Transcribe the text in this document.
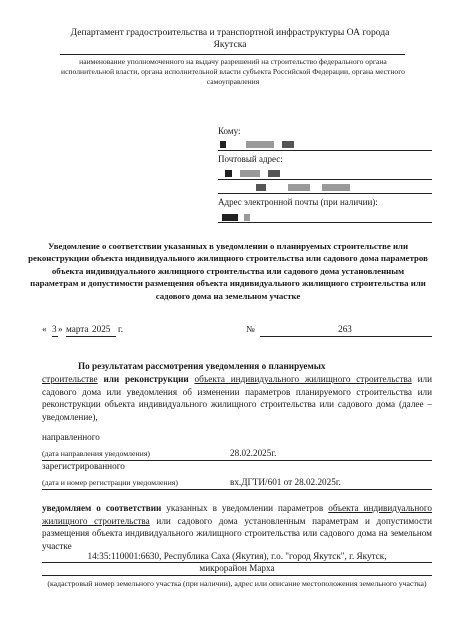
Департамент градостроительства и транспортной инфраструктуры ОА города Якутска
наименование уполномоченного на выдачу разрешений на строительство федерального органа исполнительной власти, органа исполнительной власти субъекта Российской Федерации, органа местного самоуправления
Кому:
Почтовый адрес:
Адрес электронной почты (при наличии):
Уведомление о соответствии указанных в уведомлении о планируемых строительстве или реконструкции объекта индивидуального жилищного строительства или садового дома параметров объекта индивидуального жилищного строительства или садового дома установленным параметрам и допустимости размещения объекта индивидуального жилищного строительства или садового дома на земельном участке
« 3 » марта 2025 г.	№	263
По результатам рассмотрения уведомления о планируемых
строительстве или реконструкции объекта индивидуального жилищного строительства или садового дома или уведомления об изменении параметров планируемого строительства или реконструкции объекта индивидуального жилищного строительства или садового дома (далее – уведомление),
направленного
(дата направления уведомления)	28.02.2025г.
зарегистрированного
(дата и номер регистрации уведомления)	вх.ДГТИ/601 от 28.02.2025г.
уведомляем о соответствии указанных в уведомлении параметров объекта индивидуального жилищного строительства или садового дома установленным параметрам и допустимости размещения объекта индивидуального жилищного строительства или садового дома на земельном участке
14:35:110001:6630, Республика Саха (Якутия), г.о. "город Якутск", г. Якутск,
микрорайон Марха
(кадастровый номер земельного участка (при наличии), адрес или описание местоположения земельного участка)
